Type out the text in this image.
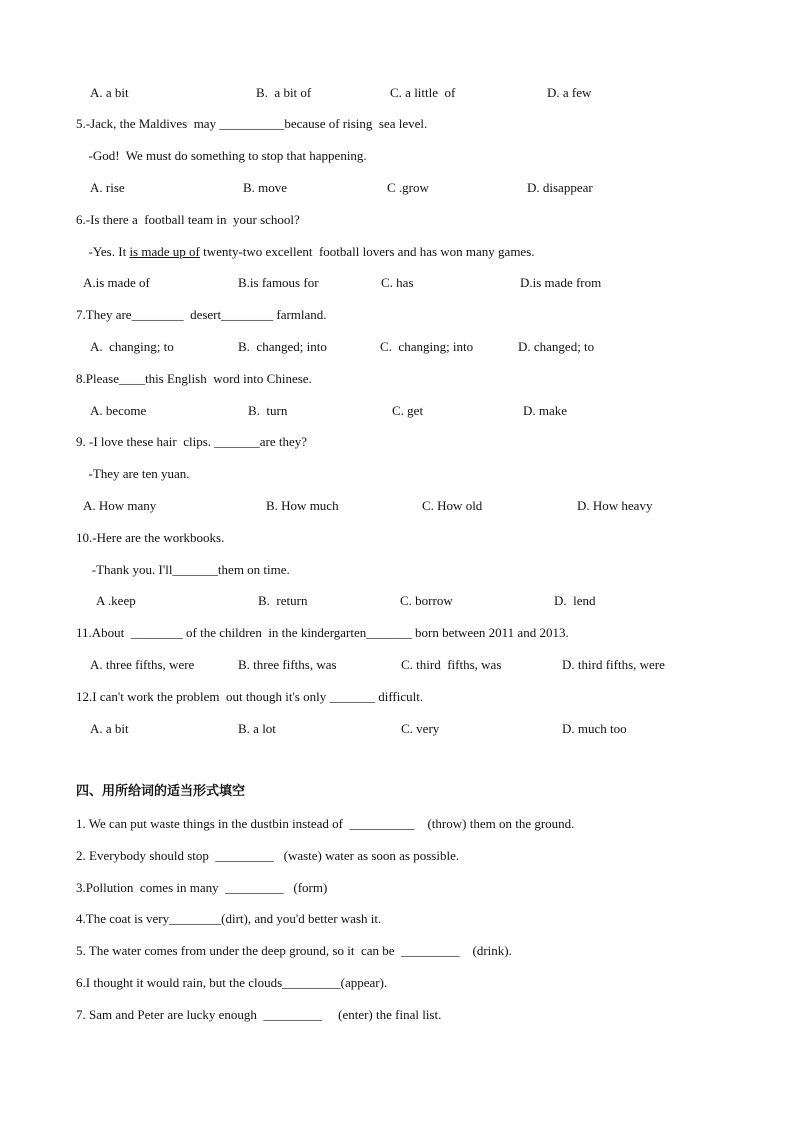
A. a bit	B.  a bit of	C. a little  of	D. a few
5.-Jack, the Maldives  may __________because of rising  sea level.
-God!  We must do something to stop that happening.
A. rise	B. move	C .grow	D. disappear
6.-Is there a  football team in  your school?
-Yes. It is made up of twenty-two excellent  football lovers and has won many games.
A.is made of	B.is famous for	C. has	D.is made from
7.They are________  desert________ farmland.
A.  changing; to	B.  changed; into	C.  changing; into	D. changed; to
8.Please____this English  word into Chinese.
A. become	B.  turn	C. get	D. make
9. -I love these hair  clips. _______are they?
-They are ten yuan.
A. How many	B. How much	C. How old	D. How heavy
10.-Here are the workbooks.
-Thank you. I'll_______them on time.
A .keep	B.  return	C. borrow	D.  lend
11.About  ________ of the children  in the kindergarten_______ born between 2011 and 2013.
A. three fifths, were	B. three fifths, was	C. third  fifths, was	D. third fifths, were
12.I can't work the problem  out though it's only _______ difficult.
A. a bit	B. a lot	C. very	D. much too
四、用所给词的适当形式填空
1. We can put waste things in the dustbin instead of  __________    (throw) them on the ground.
2. Everybody should stop  _________   (waste) water as soon as possible.
3.Pollution  comes in many  _________   (form)
4.The coat is very________(dirt), and you'd better wash it.
5. The water comes from under the deep ground, so it  can be  _________    (drink).
6.I thought it would rain, but the clouds_________(appear).
7. Sam and Peter are lucky enough  _________     (enter) the final list.
